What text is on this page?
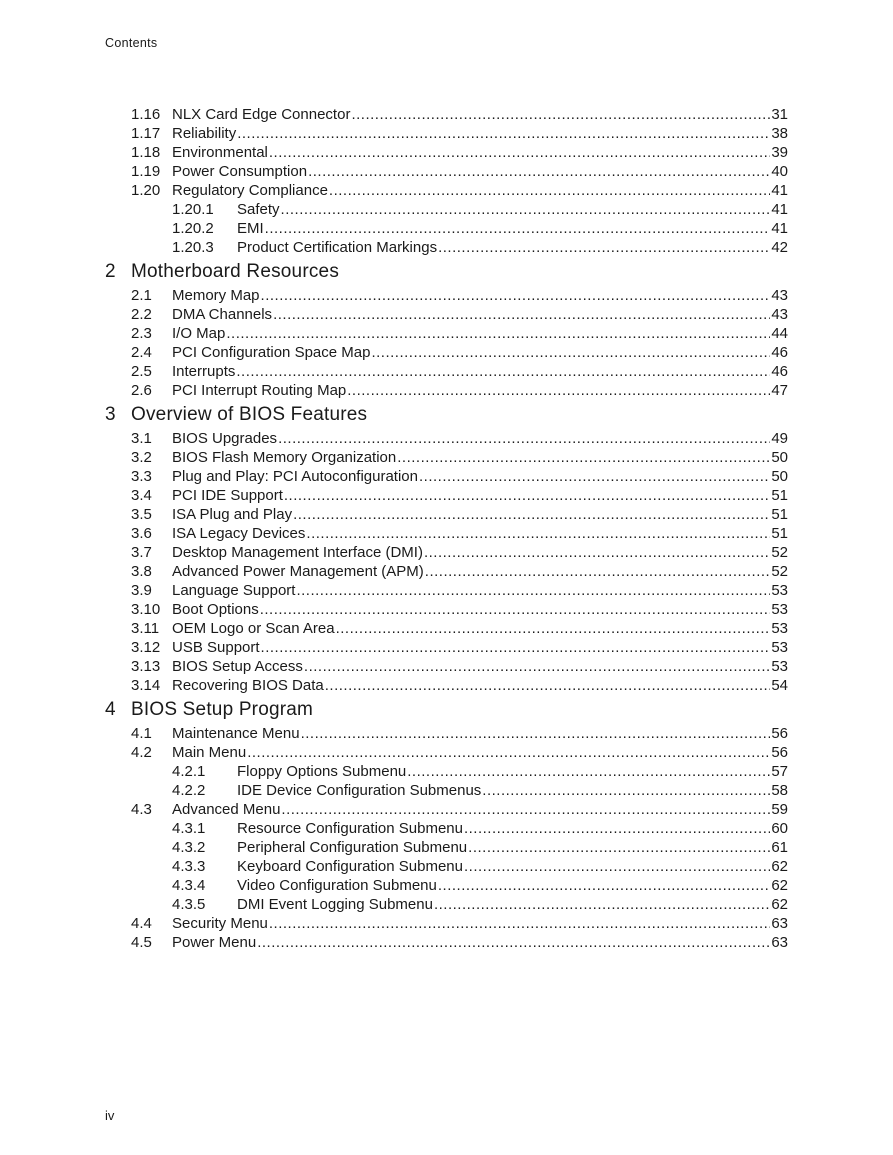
Contents
1.16 NLX Card Edge Connector .....	31
1.17 Reliability .....	38
1.18 Environmental .....	39
1.19 Power Consumption .....	40
1.20 Regulatory Compliance .....	41
1.20.1	Safety .....	41
1.20.2	EMI .....	41
1.20.3	Product Certification Markings .....	42
2 Motherboard Resources
2.1	Memory Map .....	43
2.2	DMA Channels .....	43
2.3	I/O Map .....	44
2.4	PCI Configuration Space Map .....	46
2.5	Interrupts .....	46
2.6	PCI Interrupt Routing Map .....	47
3 Overview of BIOS Features
3.1	BIOS Upgrades .....	49
3.2	BIOS Flash Memory Organization .....	50
3.3	Plug and Play: PCI Autoconfiguration .....	50
3.4	PCI IDE Support .....	51
3.5	ISA Plug and Play .....	51
3.6	ISA Legacy Devices .....	51
3.7	Desktop Management Interface (DMI) .....	52
3.8	Advanced Power Management (APM) .....	52
3.9	Language Support .....	53
3.10 Boot Options .....	53
3.11 OEM Logo or Scan Area .....	53
3.12 USB Support .....	53
3.13 BIOS Setup Access .....	53
3.14 Recovering BIOS Data .....	54
4 BIOS Setup Program
4.1	Maintenance Menu .....	56
4.2	Main Menu .....	56
4.2.1	Floppy Options Submenu .....	57
4.2.2	IDE Device Configuration Submenus .....	58
4.3	Advanced Menu .....	59
4.3.1	Resource Configuration Submenu .....	60
4.3.2	Peripheral Configuration Submenu .....	61
4.3.3	Keyboard Configuration Submenu .....	62
4.3.4	Video Configuration Submenu .....	62
4.3.5	DMI Event Logging Submenu .....	62
4.4	Security Menu .....	63
4.5	Power Menu .....	63
iv
